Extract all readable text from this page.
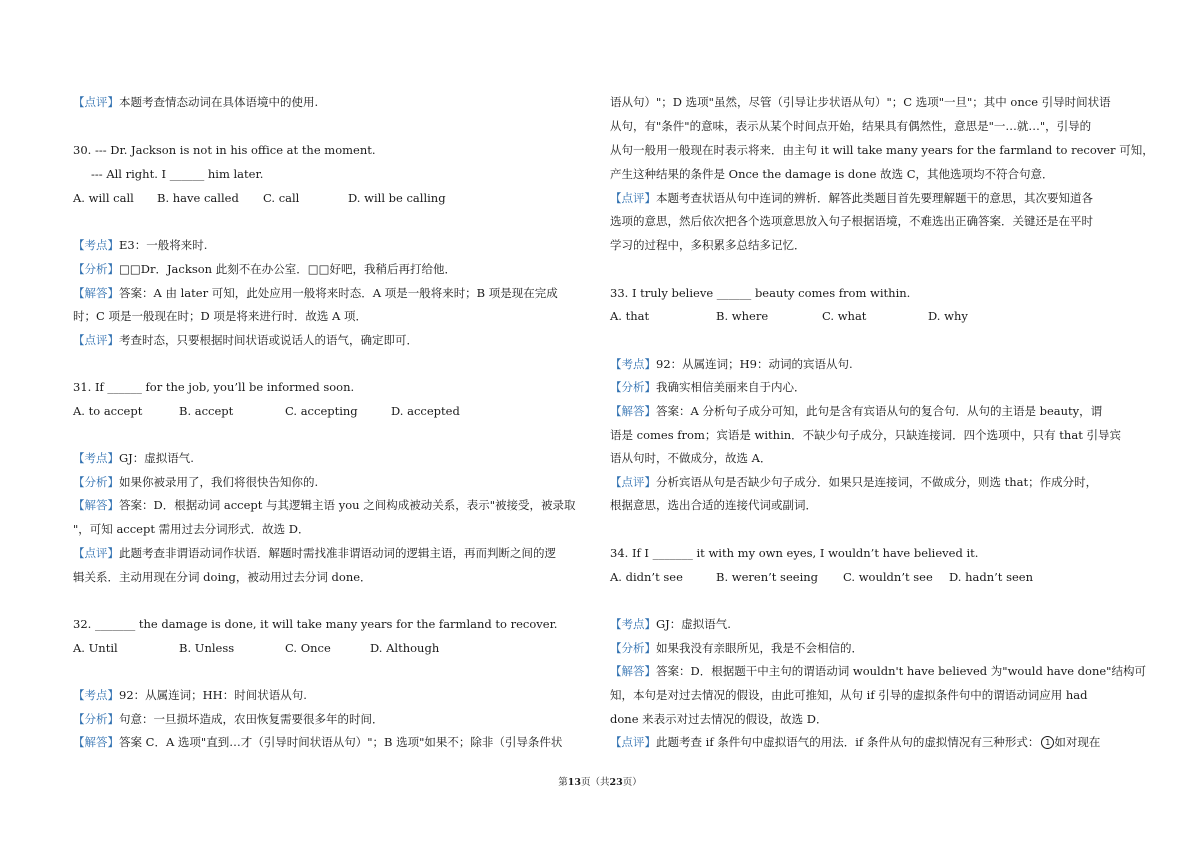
【点评】本题考查情态动词在具体语境中的使用.
30. --- Dr. Jackson is not in his office at the moment.
--- All right. I ______ him later.
A. will call B. have called C. call	D. will be calling
【考点】E3：一般将来时.
【分析】□□Dr．Jackson 此刻不在办公室．□□好吧，我稍后再打给他．
【解答】答案：A 由 later 可知，此处应用一般将来时态．A 项是一般将来时；B 项是现在完成
时；C 项是一般现在时；D 项是将来进行时．故选 A 项．
【点评】考查时态，只要根据时间状语或说话人的语气，确定即可．
31. If ______ for the job, you’ll be informed soon.
A. to accept	B. accept	C. accepting	D. accepted
【考点】GJ：虚拟语气.
【分析】如果你被录用了，我们将很快告知你的.
【解答】答案：D．根据动词 accept 与其逻辑主语 you 之间构成被动关系，表示"被接受，被录取
"，可知 accept 需用过去分词形式．故选 D．
【点评】此题考查非谓语动词作状语．解题时需找准非谓语动词的逻辑主语，再而判断之间的逻
辑关系．主动用现在分词 doing，被动用过去分词 done．
32. _______ the damage is done, it will take many years for the farmland to recover.
A. Until	B. Unless	C. Once	D. Although
【考点】92：从属连词；HH：时间状语从句.
【分析】句意：一旦损坏造成，农田恢复需要很多年的时间．
【解答】答案 C．A 选项"直到…才（引导时间状语从句）"；B 选项"如果不；除非（引导条件状
语从句）"；D 选项"虽然，尽管（引导让步状语从句）"；C 选项"一旦"；其中 once 引导时间状语
从句，有"条件"的意味，表示从某个时间点开始，结果具有偶然性，意思是"一…就…"，引导的
从句一般用一般现在时表示将来．由主句 it will take many years for the farmland to recover 可知，
产生这种结果的条件是 Once the damage is done 故选 C，其他选项均不符合句意．
【点评】本题考查状语从句中连词的辨析．解答此类题目首先要理解题干的意思，其次要知道各
选项的意思，然后依次把各个选项意思放入句子根据语境，不难选出正确答案．关键还是在平时
学习的过程中，多积累多总结多记忆．
33. I truly believe ______ beauty comes from within.
A. that	B. where	C. what	D. why
【考点】92：从属连词；H9：动词的宾语从句.
【分析】我确实相信美丽来自于内心．
【解答】答案：A 分析句子成分可知，此句是含有宾语从句的复合句．从句的主语是 beauty，谓
语是 comes from；宾语是 within．不缺少句子成分，只缺连接词．四个选项中，只有 that 引导宾
语从句时，不做成分，故选 A．
【点评】分析宾语从句是否缺少句子成分．如果只是连接词，不做成分，则选 that；作成分时，
根据意思，选出合适的连接代词或副词．
34. If I _______ it with my own eyes, I wouldn’t have believed it.
A. didn’t see	B. weren’t seeing C. wouldn’t see D. hadn’t seen
【考点】GJ：虚拟语气.
【分析】如果我没有亲眼所见，我是不会相信的．
【解答】答案：D．根据题干中主句的谓语动词 wouldn't have believed 为"would have done"结构可
知，本句是对过去情况的假设，由此可推知，从句 if 引导的虚拟条件句中的谓语动词应用 had
done 来表示对过去情况的假设，故选 D．
【点评】此题考查 if 条件句中虚拟语气的用法．if 条件从句的虚拟情况有三种形式： 1 如对现在
第13页（共23页）
